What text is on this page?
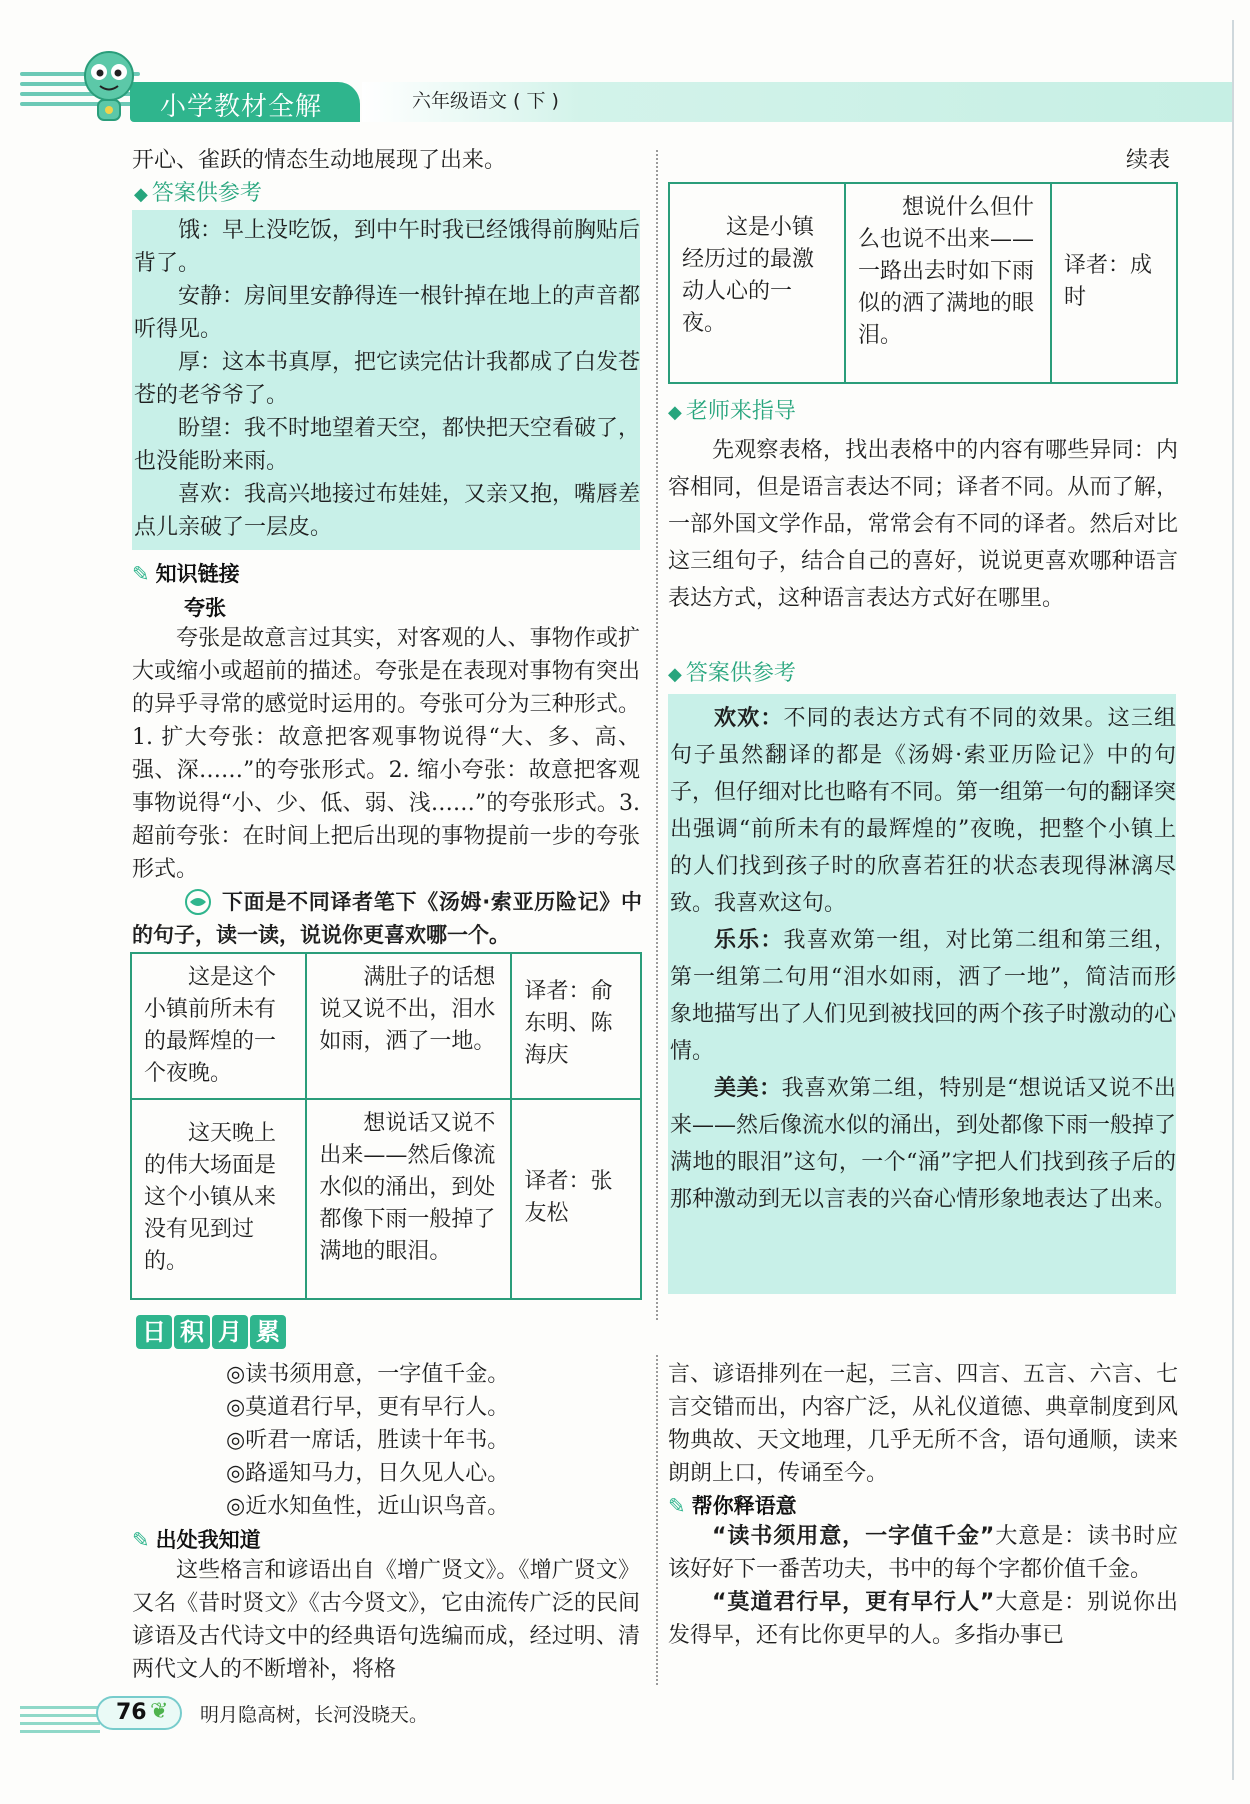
小学教材全解	六年级语文 ( 下 )
开心、雀跃的情态生动地展现了出来。
◆ 答案供参考
饿：早上没吃饭，到中午时我已经饿得前胸贴后背了。
安静：房间里安静得连一根针掉在地上的声音都听得见。
厚：这本书真厚，把它读完估计我都成了白发苍苍的老爷爷了。
盼望：我不时地望着天空，都快把天空看破了，也没能盼来雨。
喜欢：我高兴地接过布娃娃，又亲又抱，嘴唇差点儿亲破了一层皮。
✎ 知识链接
夸张
夸张是故意言过其实，对客观的人、事物作或扩大或缩小或超前的描述。夸张是在表现对事物有突出的异乎寻常的感觉时运用的。夸张可分为三种形式。1. 扩大夸张：故意把客观事物说得“大、多、高、强、深……”的夸张形式。2. 缩小夸张：故意把客观事物说得“小、少、低、弱、浅……”的夸张形式。3. 超前夸张：在时间上把后出现的事物提前一步的夸张形式。
下面是不同译者笔下《汤姆·索亚历险记》中的句子，读一读，说说你更喜欢哪一个。
这是这个小镇前所未有的最辉煌的一个夜晚。	满肚子的话想说又说不出，泪水如雨，洒了一地。	译者：俞东明、陈海庆
这天晚上的伟大场面是这个小镇从来没有见到过的。	想说话又说不出来——然后像流水似的涌出，到处都像下雨一般掉了满地的眼泪。	译者：张友松
续表
这是小镇经历过的最激动人心的一夜。	想说什么但什么也说不出来——一路出去时如下雨似的洒了满地的眼泪。	译者：成时
◆ 老师来指导
先观察表格，找出表格中的内容有哪些异同：内容相同，但是语言表达不同；译者不同。从而了解，一部外国文学作品，常常会有不同的译者。然后对比这三组句子，结合自己的喜好，说说更喜欢哪种语言表达方式，这种语言表达方式好在哪里。
◆ 答案供参考
欢欢：不同的表达方式有不同的效果。这三组句子虽然翻译的都是《汤姆·索亚历险记》中的句子，但仔细对比也略有不同。第一组第一句的翻译突出强调“前所未有的最辉煌的”夜晚，把整个小镇上的人们找到孩子时的欣喜若狂的状态表现得淋漓尽致。我喜欢这句。
乐乐：我喜欢第一组，对比第二组和第三组，第一组第二句用“泪水如雨，洒了一地”，简洁而形象地描写出了人们见到被找回的两个孩子时激动的心情。
美美：我喜欢第二组，特别是“想说话又说不出来——然后像流水似的涌出，到处都像下雨一般掉了满地的眼泪”这句，一个“涌”字把人们找到孩子后的那种激动到无以言表的兴奋心情形象地表达了出来。
日 积 月 累
◎读书须用意，一字值千金。
◎莫道君行早，更有早行人。
◎听君一席话，胜读十年书。
◎路遥知马力，日久见人心。
◎近水知鱼性，近山识鸟音。
✎ 出处我知道
这些格言和谚语出自《增广贤文》。《增广贤文》又名《昔时贤文》《古今贤文》，它由流传广泛的民间谚语及古代诗文中的经典语句选编而成，经过明、清两代文人的不断增补，将格
言、谚语排列在一起，三言、四言、五言、六言、七言交错而出，内容广泛，从礼仪道德、典章制度到风物典故、天文地理，几乎无所不含，语句通顺，读来朗朗上口，传诵至今。
✎ 帮你释语意
“读书须用意，一字值千金”大意是：读书时应该好好下一番苦功夫，书中的每个字都价值千金。
“莫道君行早，更有早行人”大意是：别说你出发得早，还有比你更早的人。多指办事已
76 ❦ 明月隐高树，长河没晓天。
